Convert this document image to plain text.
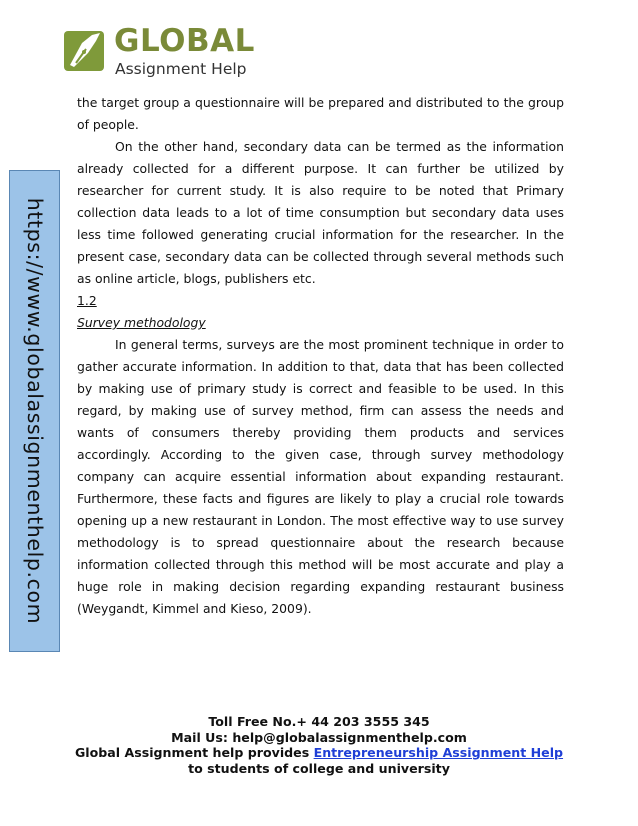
GLOBAL
Assignment Help
https://www.globalassignmenthelp.com

the target group a questionnaire will be prepared and distributed to the group of people.

On the other hand, secondary data can be termed as the information already collected for a different purpose. It can further be utilized by researcher for current study. It is also require to be noted that Primary collection data leads to a lot of time consumption but secondary data uses less time followed generating crucial information for the researcher. In the present case, secondary data can be collected through several methods such as online article, blogs, publishers etc.

1.2

Survey methodology

In general terms, surveys are the most prominent technique in order to gather accurate information. In addition to that, data that has been collected by making use of primary study is correct and feasible to be used. In this regard, by making use of survey method, firm can assess the needs and wants of consumers thereby providing them products and services accordingly. According to the given case, through survey methodology company can acquire essential information about expanding restaurant. Furthermore, these facts and figures are likely to play a crucial role towards opening up a new restaurant in London. The most effective way to use survey methodology is to spread questionnaire about the research because information collected through this method will be most accurate and play a huge role in making decision regarding expanding restaurant business (Weygandt, Kimmel and Kieso, 2009).

Toll Free No.+ 44 203 3555 345
Mail Us: help@globalassignmenthelp.com
Global Assignment help provides Entrepreneurship Assignment Help
to students of college and university
